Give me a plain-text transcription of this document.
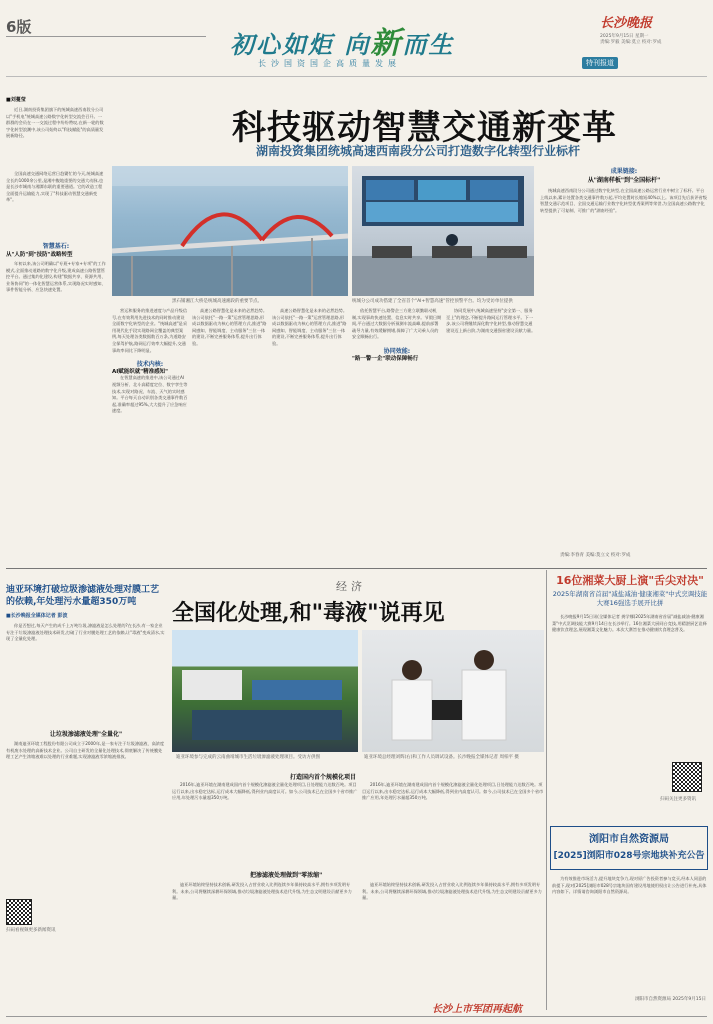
6版
初心如炬 向新而生
长沙国资国企高质量发展	特刊报道
长沙晚报
2025年9月15日 星期一
责编:罗毅 美编:莫立 校对:罗成
科技驱动智慧交通新变革
湖南投资集团统城高速西南段分公司打造数字化转型行业标杆
■刘蔓莹

近日,湖南投资集团旗下的统城高速西南段分公司以"手机电"统城高速公路数字化转型交流会召开。一群群的会员在一一交流过程中纷纷赞叹,在新一轮的数字化转型浪潮中,该公司始终以"科技赋能"的高质量发展新路径。

全国高速交通网络运营日趋繁忙的今天,统城高速全长约1000余公里,是湘中腹地重要的交通大动脉,也是长沙市城南与湘潭东联的重要通道。它的改造工程全面提升运输能力,实现了"科技驱动智慧交通新变革"。

智慧基石:
从"人防"到"技防"战略转型

年初以来,该公司明确以"专班+专家+专项"的工作模式,全面推动道路的数字化升级,建成高速公路智慧管控平台。通过集约化建设,构建"数据共享、资源共用、业务协同"的一体化智慧运营体系,实现路况实时感知、事件智能分析、应急快速处置。

黑石铺湘江大桥是统城高速湘段的重要节点。	统城分公司成功搭建了全省首个"AI+智慧高速"管控预警平台。均为受访单位提供

营运和服务的推进速度与产品升级信号,在有效利用先进技术的同时推动建设全面数字化转型的企业。"统城高速"是采用现代化手段实现路网全覆盖的典型案例,每天处理各类数据数百万条,为道路安全保驾护航,路网运行效率大幅提升,交通事故率同比下降明显。

技术内核:
AI赋能织就"精准感知"

在智慧高速的推进中,该公司通过AI视频分析、北斗高精度定位、数字孪生等技术,实现对路况、车流、天气的实时感知。平台每天自动识别各类交通事件数百起,准确率超过95%,大大提升了应急响应速度。

高速公路智慧化是未来的必然趋势。该公司依托"一路一策"运营管理思路,形成以数据驱动为核心的管理方式,推进"路网感知、智能调度、主动服务"三位一体的建设,不断完善服务体系,提升出行体验。

高速公路智慧化是未来的必然趋势。该公司依托"一路一策"运营管理思路,形成以数据驱动为核心的管理方式,推进"路网感知、智能调度、主动服务"三位一体的建设,不断完善服务体系,提升出行体验。

依托智慧平台,路警企三方建立联勤联动机制,实现事故快速处置、信息实时共享。节假日期间,平台通过大数据分析预测车流高峰,提前部署疏导力量,有效缓解拥堵,保障了广大司乘人员的安全顺畅出行。

协同效能:
"路一警一企"联动保障畅行

协同发展中,统城高速坚持"安全第一、服务至上"的理念,不断提升路网运行管理水平。下一步,该公司将继续深化数字化转型,推动智慧交通建设迈上新台阶,为湖南交通强省建设贡献力量。

成果链接:
从"湖南样板"到"全国标杆"

统城高速西南段分公司通过数字化转型,在全国高速公路运营行业中树立了标杆。平台上线以来,累计处置各类交通事件数万起,平均处置时长缩短40%以上。该项目先后获评省级智慧交通示范项目、全国交通运输行业数字化转型优秀案例等荣誉,为全国高速公路数字化转型提供了可复制、可推广的"湖南经验"。

责编:李春青 美编:莫立文 校对:罗成
经济
迪亚环境打破垃圾渗滤液处理对膜工艺的依赖,年处理污水量超350万吨	全国化处理,和"毒液"说再见
■长沙晚报全媒体记者 彭波

你是否想过,每天产生的成千上万吨垃圾,渗滤液是怎么处理的?在长沙,有一家企业专注于垃圾渗滤液处理技术研发,打破了行业对膜处理工艺的依赖,让"毒液"变成清水,实现了全量化处理。

让垃圾渗滤液处理"全量化"

湖南迪亚环境工程股份有限公司成立于2000年,是一家专注于垃圾渗滤液、高浓度有机废水处理的高新技术企业。公司自主研发的全量化处理技术,彻底解决了传统膜处理工艺产生浓缩液难以处理的行业难题,实现渗滤液零浓缩液排放。

扫码看视频更多新闻资讯
迪亚环境参与完成的云南曲靖城市生活垃圾渗滤液处理项目。受访方供图	迪亚环境总经理刘辉(右)和工作人员调试设备。长沙晚报全媒体记者 周柏平 摄
打造国内首个规模化项目

2016年,迪亚环境在湖南建成国内首个规模化渗滤液全量化处理项目,日处理能力达数百吨。项目运行以来,出水稳定达标,运行成本大幅降低,得到业内高度认可。如今,公司技术已在全国多个省市推广应用,年处理污水量超350万吨。

2016年,迪亚环境在湖南建成国内首个规模化渗滤液全量化处理项目,日处理能力达数百吨。项目运行以来,出水稳定达标,运行成本大幅降低,得到业内高度认可。如今,公司技术已在全国多个省市推广应用,年处理污水量超350万吨。

把渗滤液处理做到"零浓缩"

迪亚环境始终坚持技术创新,研发投入占营业收入比例连续多年保持较高水平,拥有多项发明专利。未来,公司将继续深耕环保领域,推动垃圾渗滤液处理技术迭代升级,为生态文明建设贡献更多力量。

迪亚环境始终坚持技术创新,研发投入占营业收入比例连续多年保持较高水平,拥有多项发明专利。未来,公司将继续深耕环保领域,推动垃圾渗滤液处理技术迭代升级,为生态文明建设贡献更多力量。

长沙上市军团再起航
16位湘菜大厨上演"舌尖对决"
2025年湖南省首届"减盐减油·健康湘菜"中式烹调技能大赛16强选手展开比拼

长沙晚报9月15日讯(全媒体记者 龚学娜)2025年湖南省首届"减盐减油·健康湘菜"中式烹调技能大赛9月14日在长沙举行。16位湘菜大厨同台竞技,用精湛厨艺诠释健康饮食理念,展现湘菜文化魅力。本次大赛旨在推动健康饮食理念普及。

扫码关注更多资讯
浏阳市自然资源局
[2025]浏阳市028号宗地块补充公告

为有效推进市场活力,提升地块竞争力,现对原广告投资者参与竞买,经本人同意的前提下,现对[2025]浏阳市028号宗地块国有建设用地使用权出让公告进行补充,具体内容如下。详情请咨询浏阳市自然资源局。

浏阳市自然资源局 2025年9月15日
